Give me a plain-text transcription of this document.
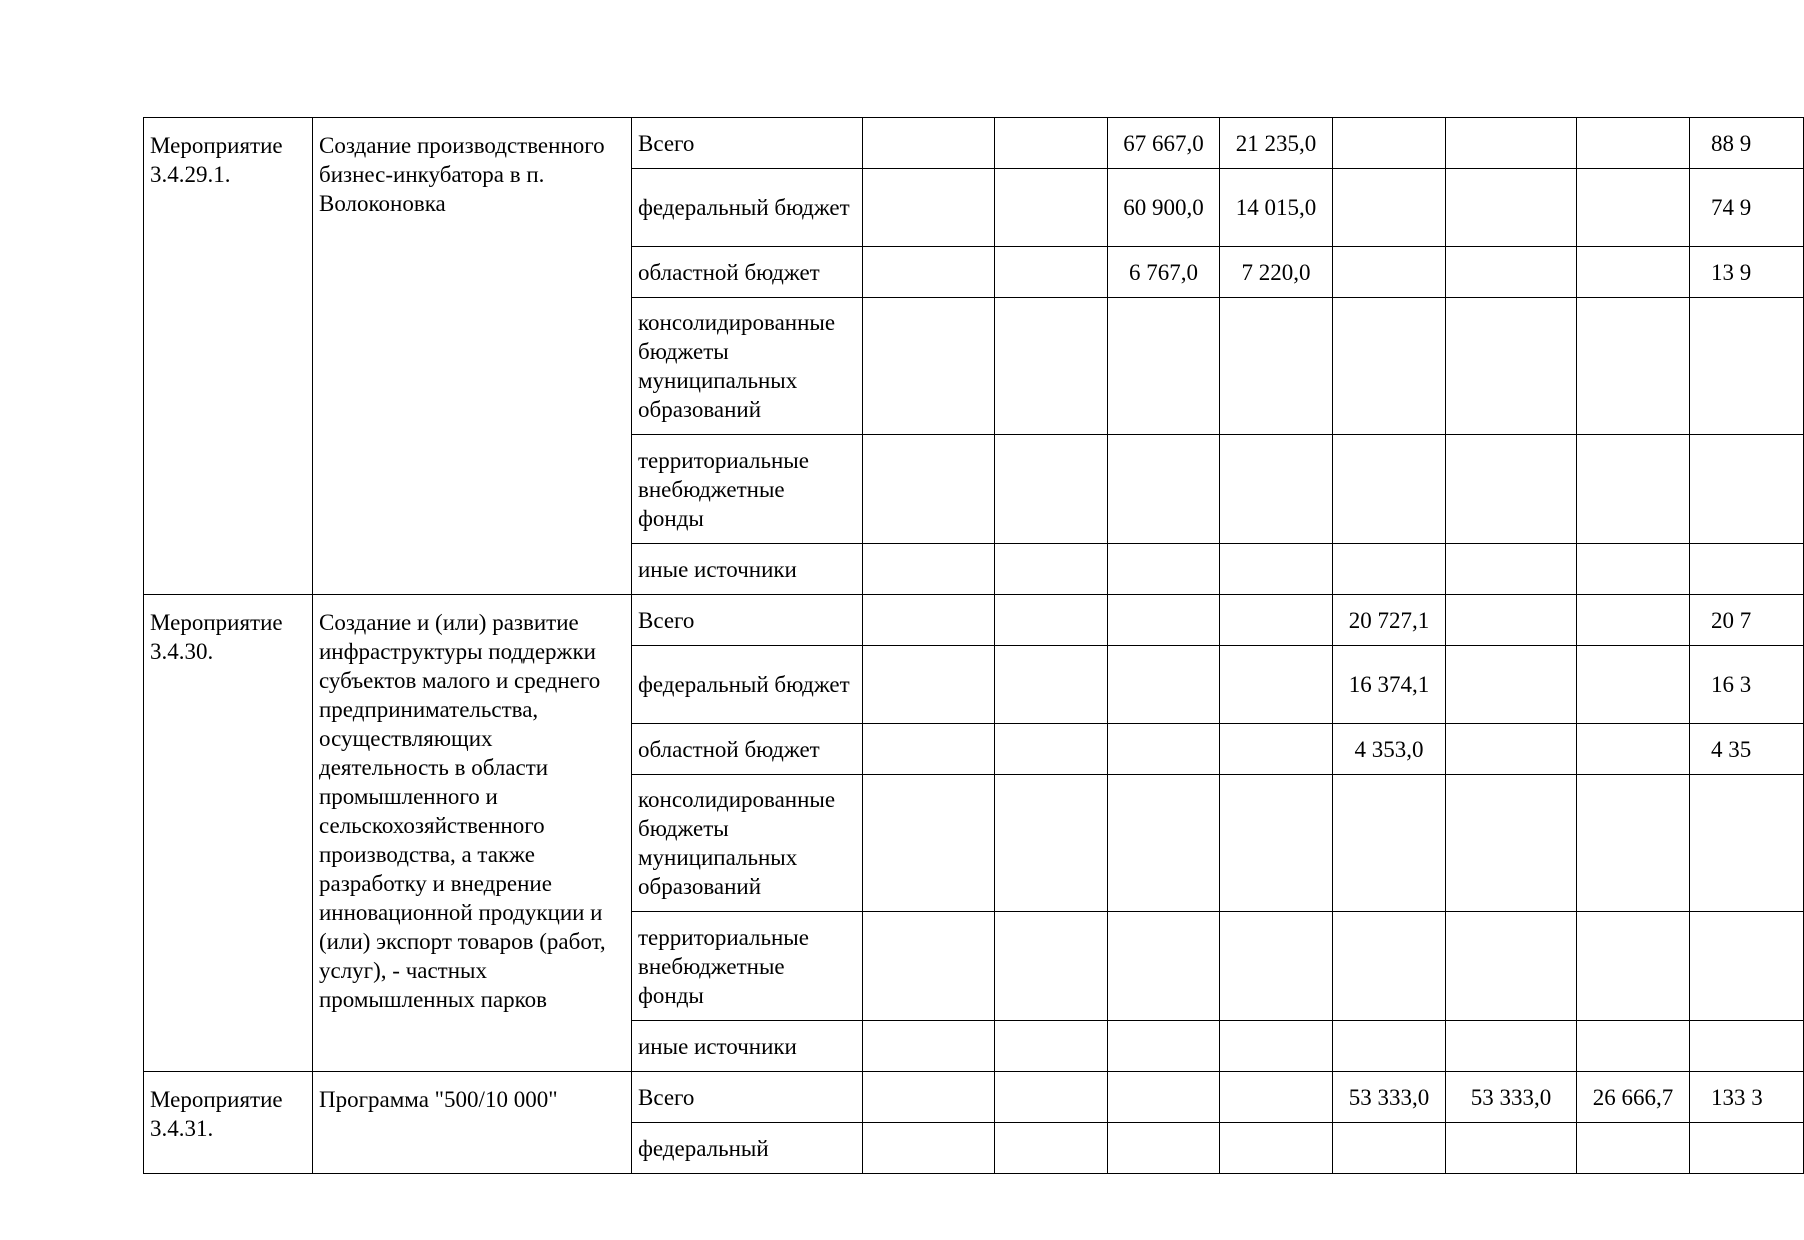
Мероприятие 3.4.29.1.	Создание производственного бизнес-инкубатора в п. Волоконовка	Всего			67 667,0	21 235,0				88 9
		федеральный бюджет			60 900,0	14 015,0				74 9
		областной бюджет			6 767,0	7 220,0				13 9
		консолидированные бюджеты муниципальных образований								
		территориальные внебюджетные фонды								
		иные источники								
Мероприятие 3.4.30.	Создание и (или) развитие инфраструктуры поддержки субъектов малого и среднего предпринимательства, осуществляющих деятельность в области промышленного и сельскохозяйственного производства, а также разработку и внедрение инновационной продукции и (или) экспорт товаров (работ, услуг), - частных промышленных парков	Всего					20 727,1			20 7
		федеральный бюджет					16 374,1			16 3
		областной бюджет					4 353,0			4 35
		консолидированные бюджеты муниципальных образований								
		территориальные внебюджетные фонды								
		иные источники								
Мероприятие 3.4.31.	Программа "500/10 000"	Всего					53 333,0	53 333,0	26 666,7	133 3
		федеральный								
